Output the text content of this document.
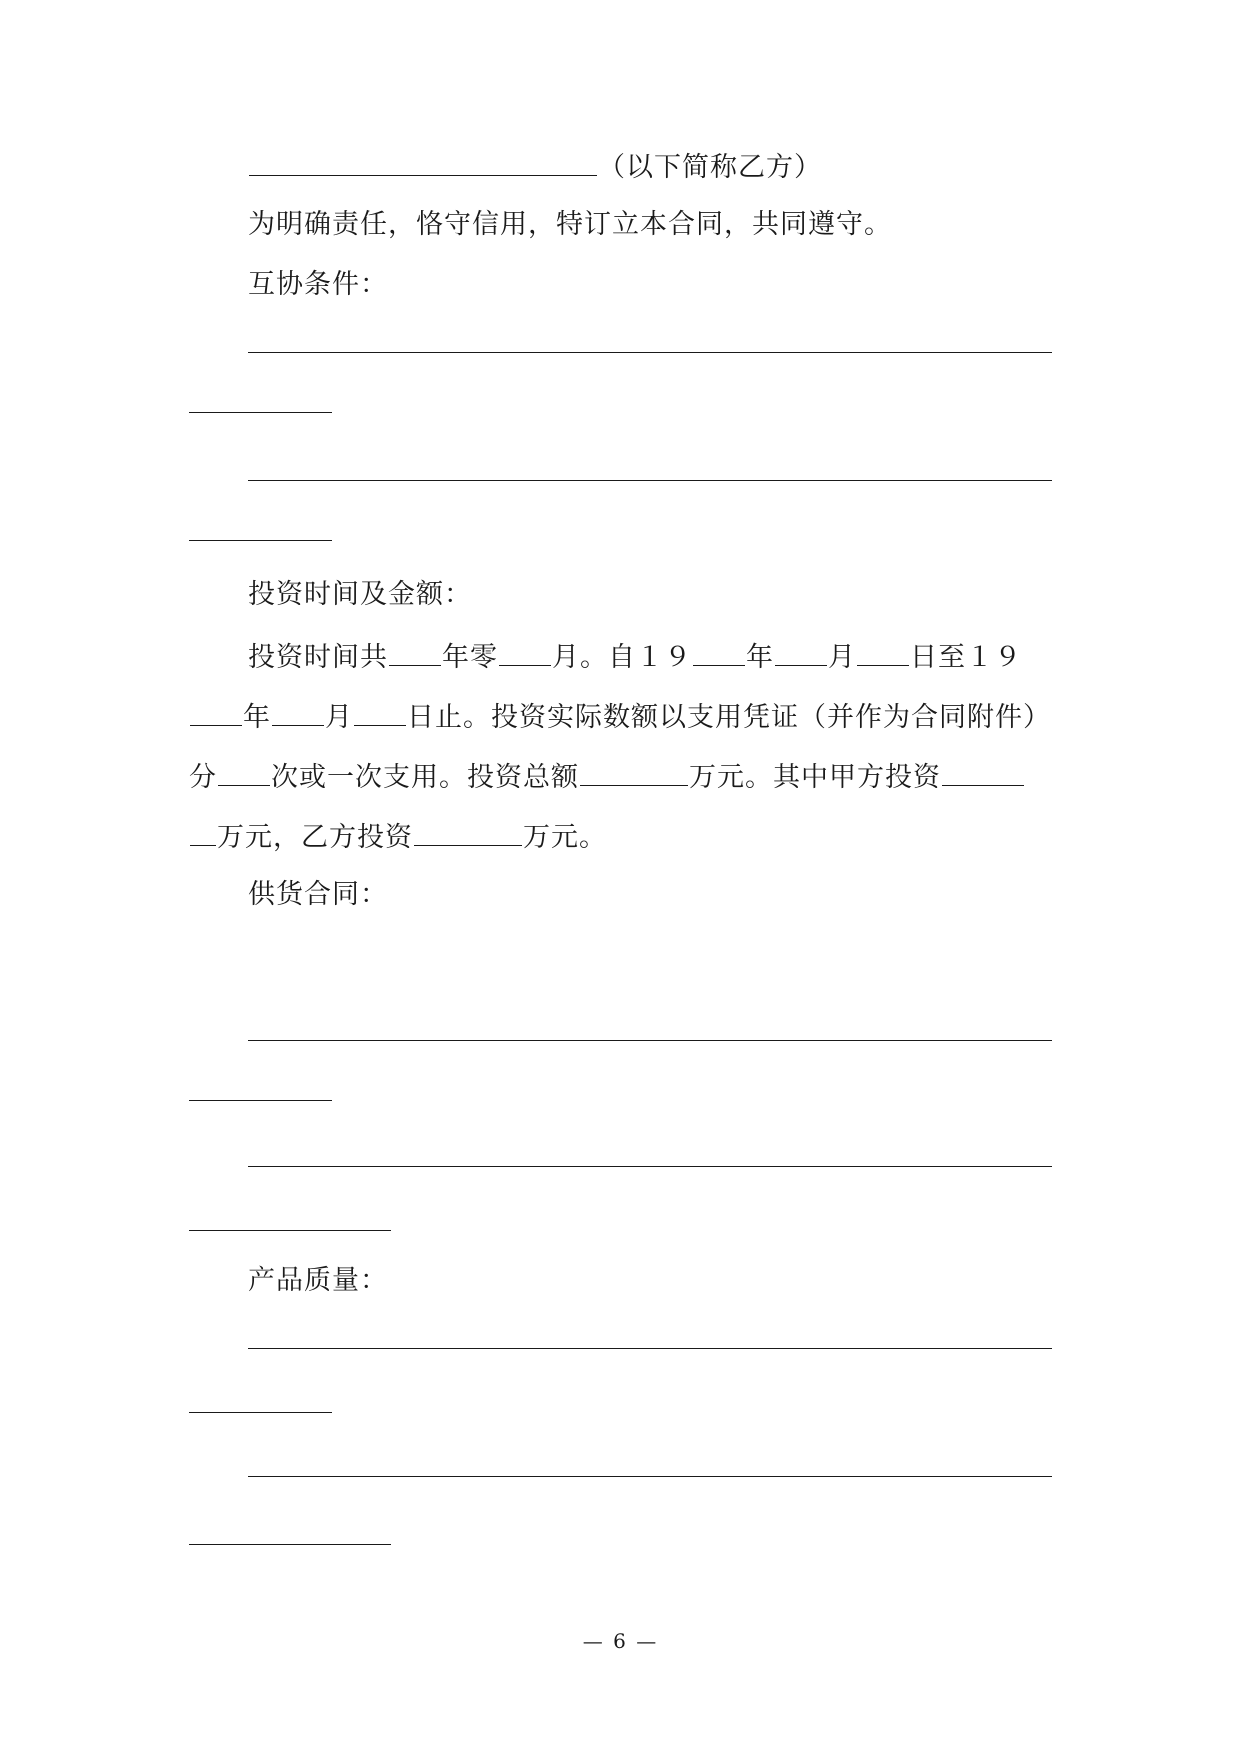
（以下简称乙方）
为明确责任，恪守信用，特订立本合同，共同遵守。
互协条件：
投资时间及金额：
投资时间共 年零 月。自１９ 年 月 日至１９
年 月 日止。投资实际数额以支用凭证（并作为合同附件）
分 次或一次支用。投资总额	万元。其中甲方投资
万元，乙方投资	万元。
供货合同：
产品质量：
— 6 —
